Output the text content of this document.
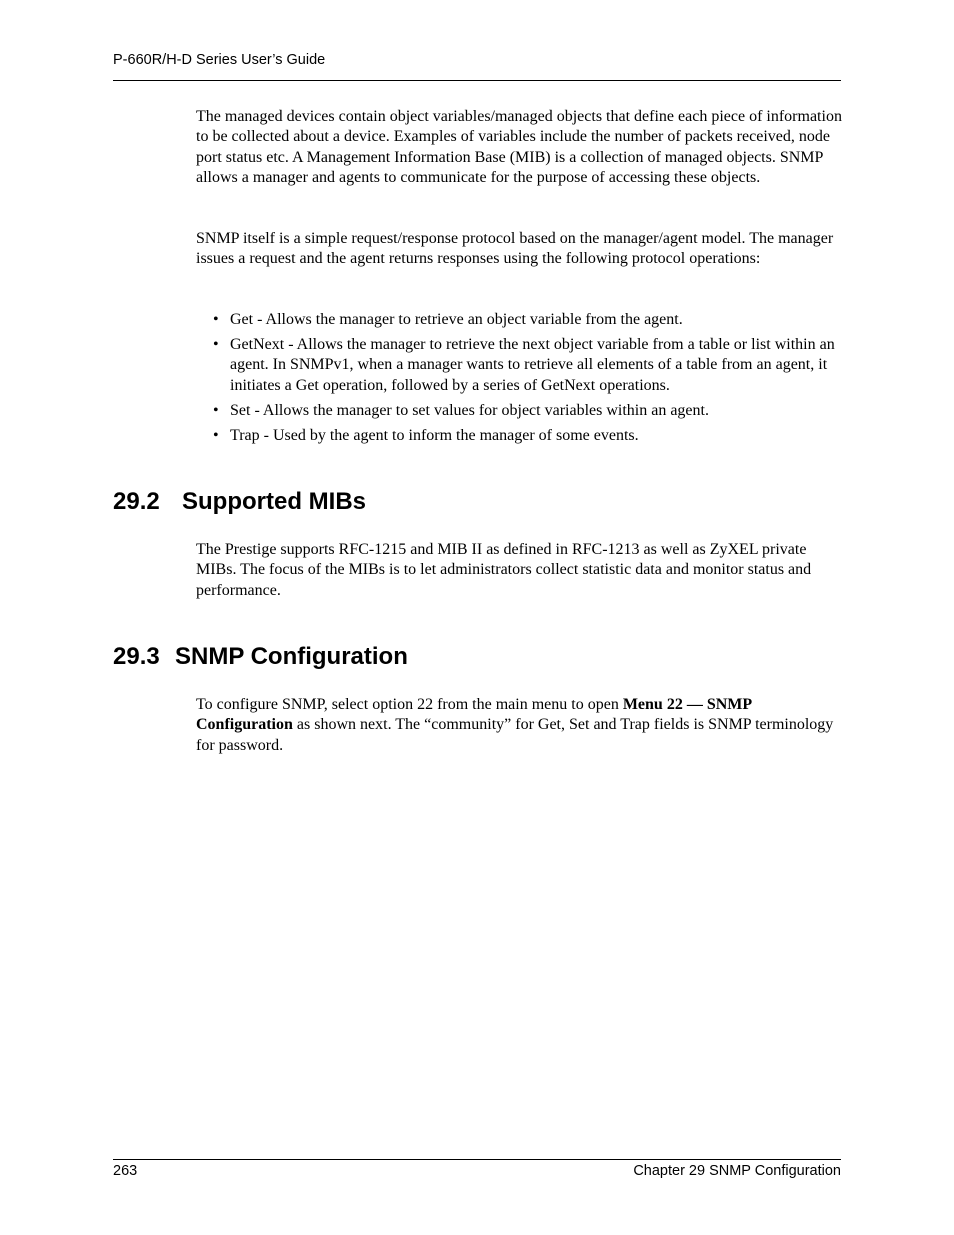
P-660R/H-D Series User’s Guide

The managed devices contain object variables/managed objects that define each piece of information to be collected about a device. Examples of variables include the number of packets received, node port status etc. A Management Information Base (MIB) is a collection of managed objects. SNMP allows a manager and agents to communicate for the purpose of accessing these objects.

SNMP itself is a simple request/response protocol based on the manager/agent model. The manager issues a request and the agent returns responses using the following protocol operations:

• Get - Allows the manager to retrieve an object variable from the agent.
• GetNext - Allows the manager to retrieve the next object variable from a table or list within an agent. In SNMPv1, when a manager wants to retrieve all elements of a table from an agent, it initiates a Get operation, followed by a series of GetNext operations.
• Set - Allows the manager to set values for object variables within an agent.
• Trap - Used by the agent to inform the manager of some events.
29.2 Supported MIBs

The Prestige supports RFC-1215 and MIB II as defined in RFC-1213 as well as ZyXEL private MIBs. The focus of the MIBs is to let administrators collect statistic data and monitor status and performance.

29.3 SNMP Configuration

To configure SNMP, select option 22 from the main menu to open Menu 22 — SNMP Configuration as shown next. The “community” for Get, Set and Trap fields is SNMP terminology for password.

263	Chapter 29 SNMP Configuration
